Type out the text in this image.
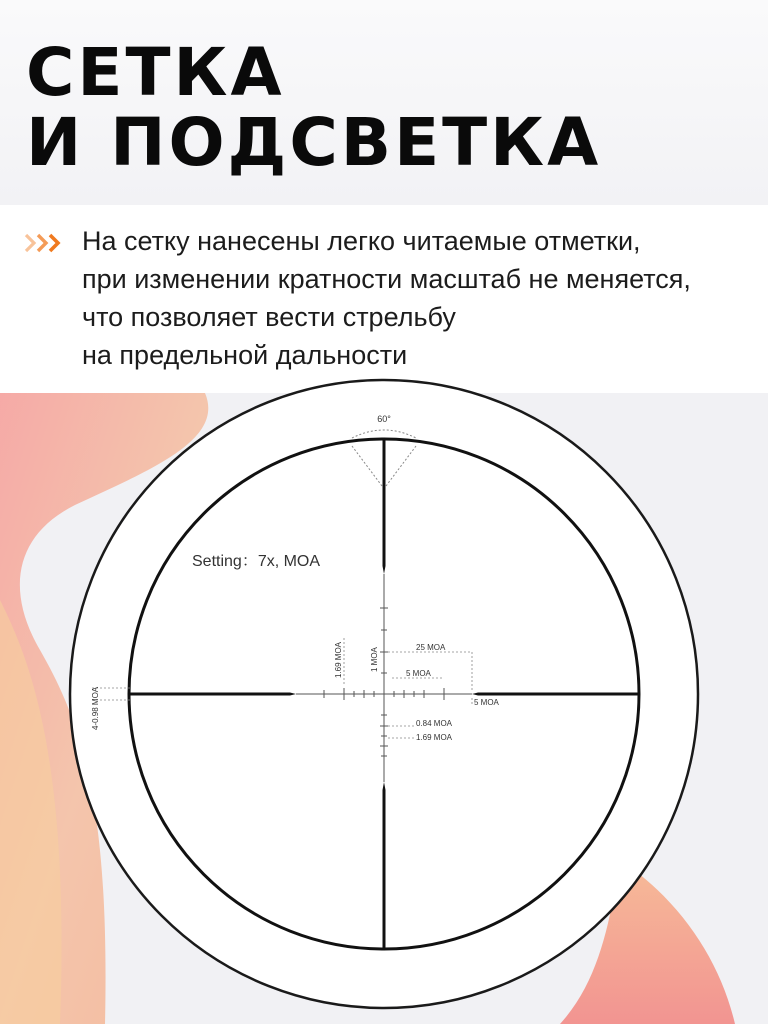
СЕТКА
И ПОДСВЕТКА
На сетку нанесены легко читаемые отметки,
при изменении кратности масштаб не меняется,
что позволяет вести стрельбу
на предельной дальности
60°
Setting：7x, MOA
25 MOA
5 MOA
5 MOA
1 MOA
1.69 MOA
0.84 MOA
1.69 MOA
4-0.98 MOA
